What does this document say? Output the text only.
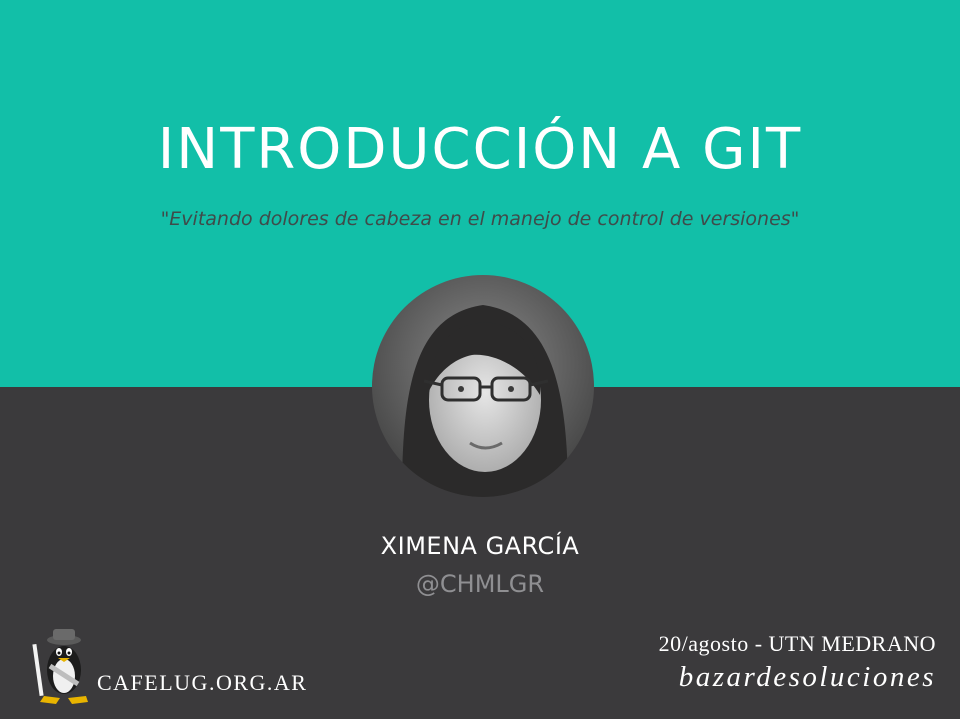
INTRODUCCIÓN A GIT
"Evitando dolores de cabeza en el manejo de control de versiones"
XIMENA GARCÍA
@CHMLGR
CAFELUG.ORG.AR
20/agosto - UTN MEDRANO
bazardesoluciones
